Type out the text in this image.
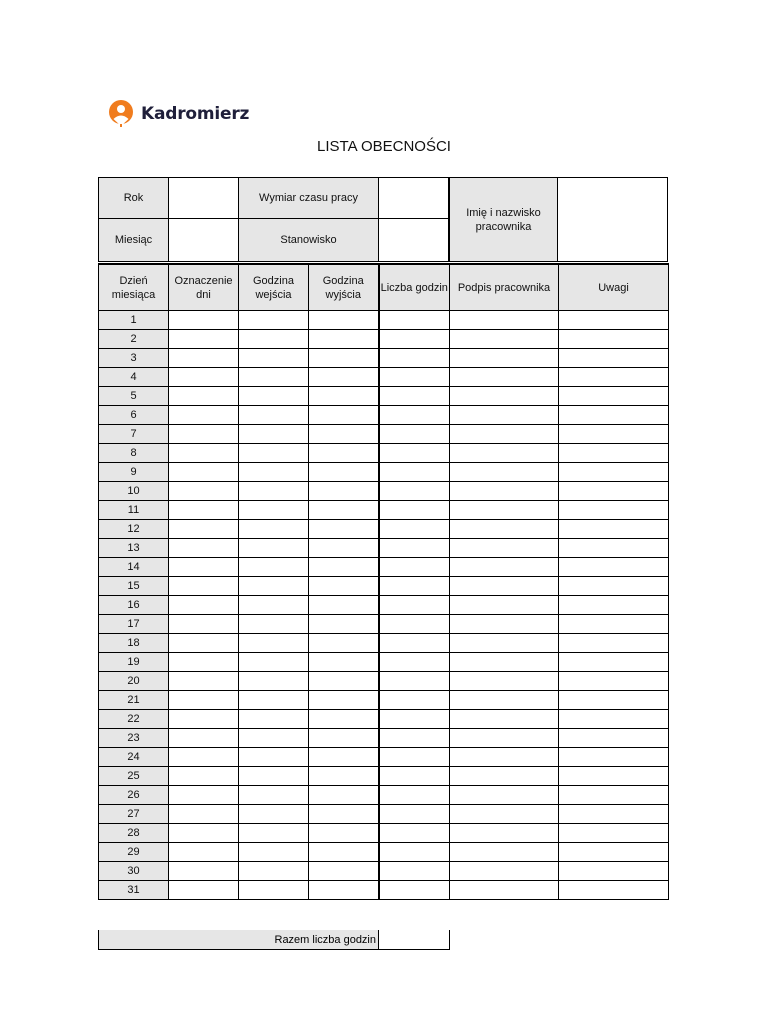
Kadromierz
LISTA OBECNOŚCI
Rok	Wymiar czasu pracy
Imię i nazwisko pracownika
Miesiąc	Stanowisko
Dzień miesiąca	Oznaczenie dni	Godzina wejścia	Godzina wyjścia	Liczba godzin	Podpis pracownika	Uwagi
1						
2						
3						
4						
5						
6						
7						
8						
9						
10						
11						
12						
13						
14						
15						
16						
17						
18						
19						
20						
21						
22						
23						
24						
25						
26						
27						
28						
29						
30						
31						
Razem liczba godzin
